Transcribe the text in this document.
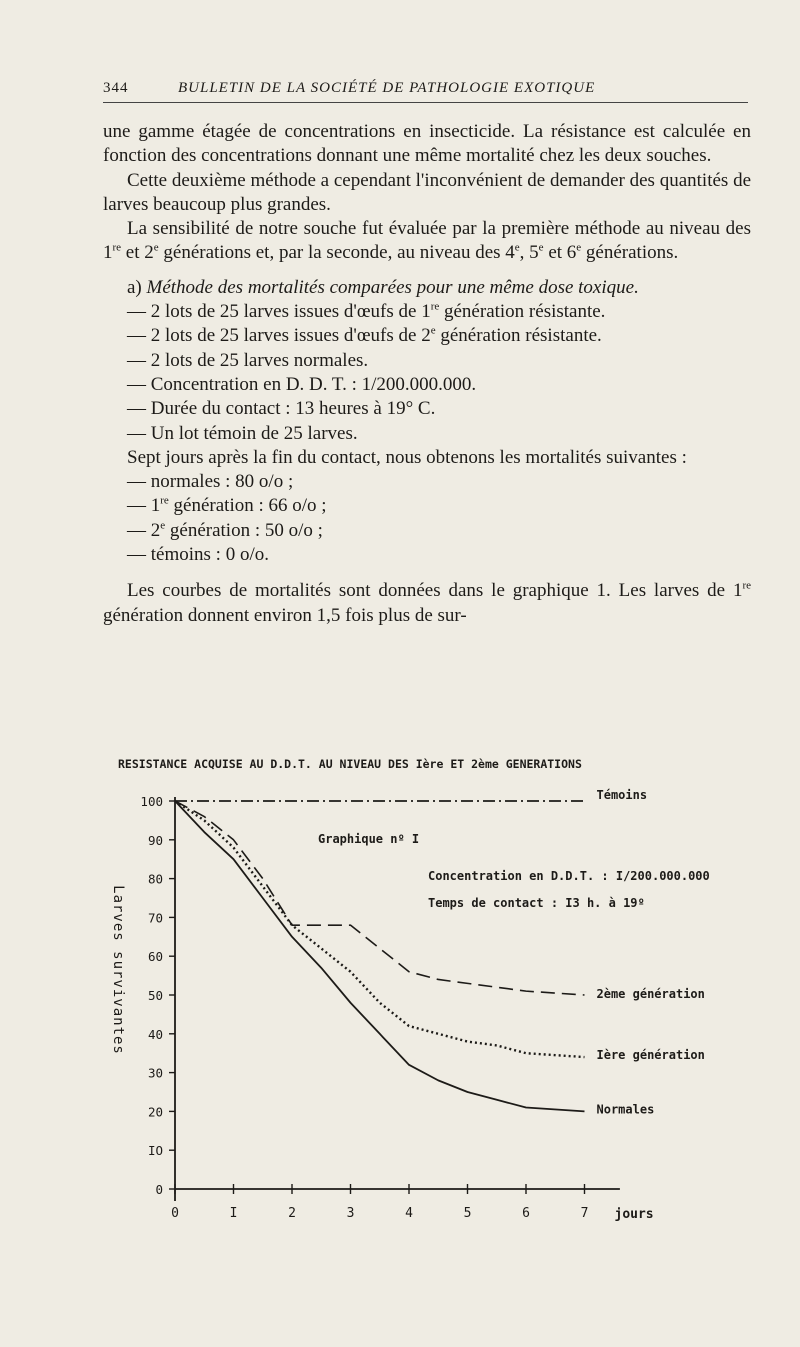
344	BULLETIN DE LA SOCIÉTÉ DE PATHOLOGIE EXOTIQUE

une gamme étagée de concentrations en insecticide. La résistance est calculée en fonction des concentrations donnant une même mortalité chez les deux souches.

Cette deuxième méthode a cependant l'inconvénient de demander des quantités de larves beaucoup plus grandes.

La sensibilité de notre souche fut évaluée par la première méthode au niveau des 1re et 2e générations et, par la seconde, au niveau des 4e, 5e et 6e générations.

a) Méthode des mortalités comparées pour une même dose toxique.

— 2 lots de 25 larves issues d'œufs de 1re génération résistante.

— 2 lots de 25 larves issues d'œufs de 2e génération résistante.

— 2 lots de 25 larves normales.

— Concentration en D. D. T. : 1/200.000.000.

— Durée du contact : 13 heures à 19° C.

— Un lot témoin de 25 larves.

Sept jours après la fin du contact, nous obtenons les mortalités suivantes :

— normales : 80 o/o ;

— 1re génération : 66 o/o ;

— 2e génération : 50 o/o ;

— témoins : 0 o/o.

Les courbes de mortalités sont données dans le graphique 1. Les larves de 1re génération donnent environ 1,5 fois plus de sur-

RESISTANCE ACQUISE AU D.D.T. AU NIVEAU DES Ière ET 2ème GENERATIONS
0
IO
20
30
40
50
60
70
80
90
100
0	I	2	3	4	5	6	7 jours
Larves survivantes
Graphique nº I
Concentration en D.D.T. : I/200.000.000
Temps de contact : I3 h. à 19º
Témoins
2ème génération
Ière génération
Normales
